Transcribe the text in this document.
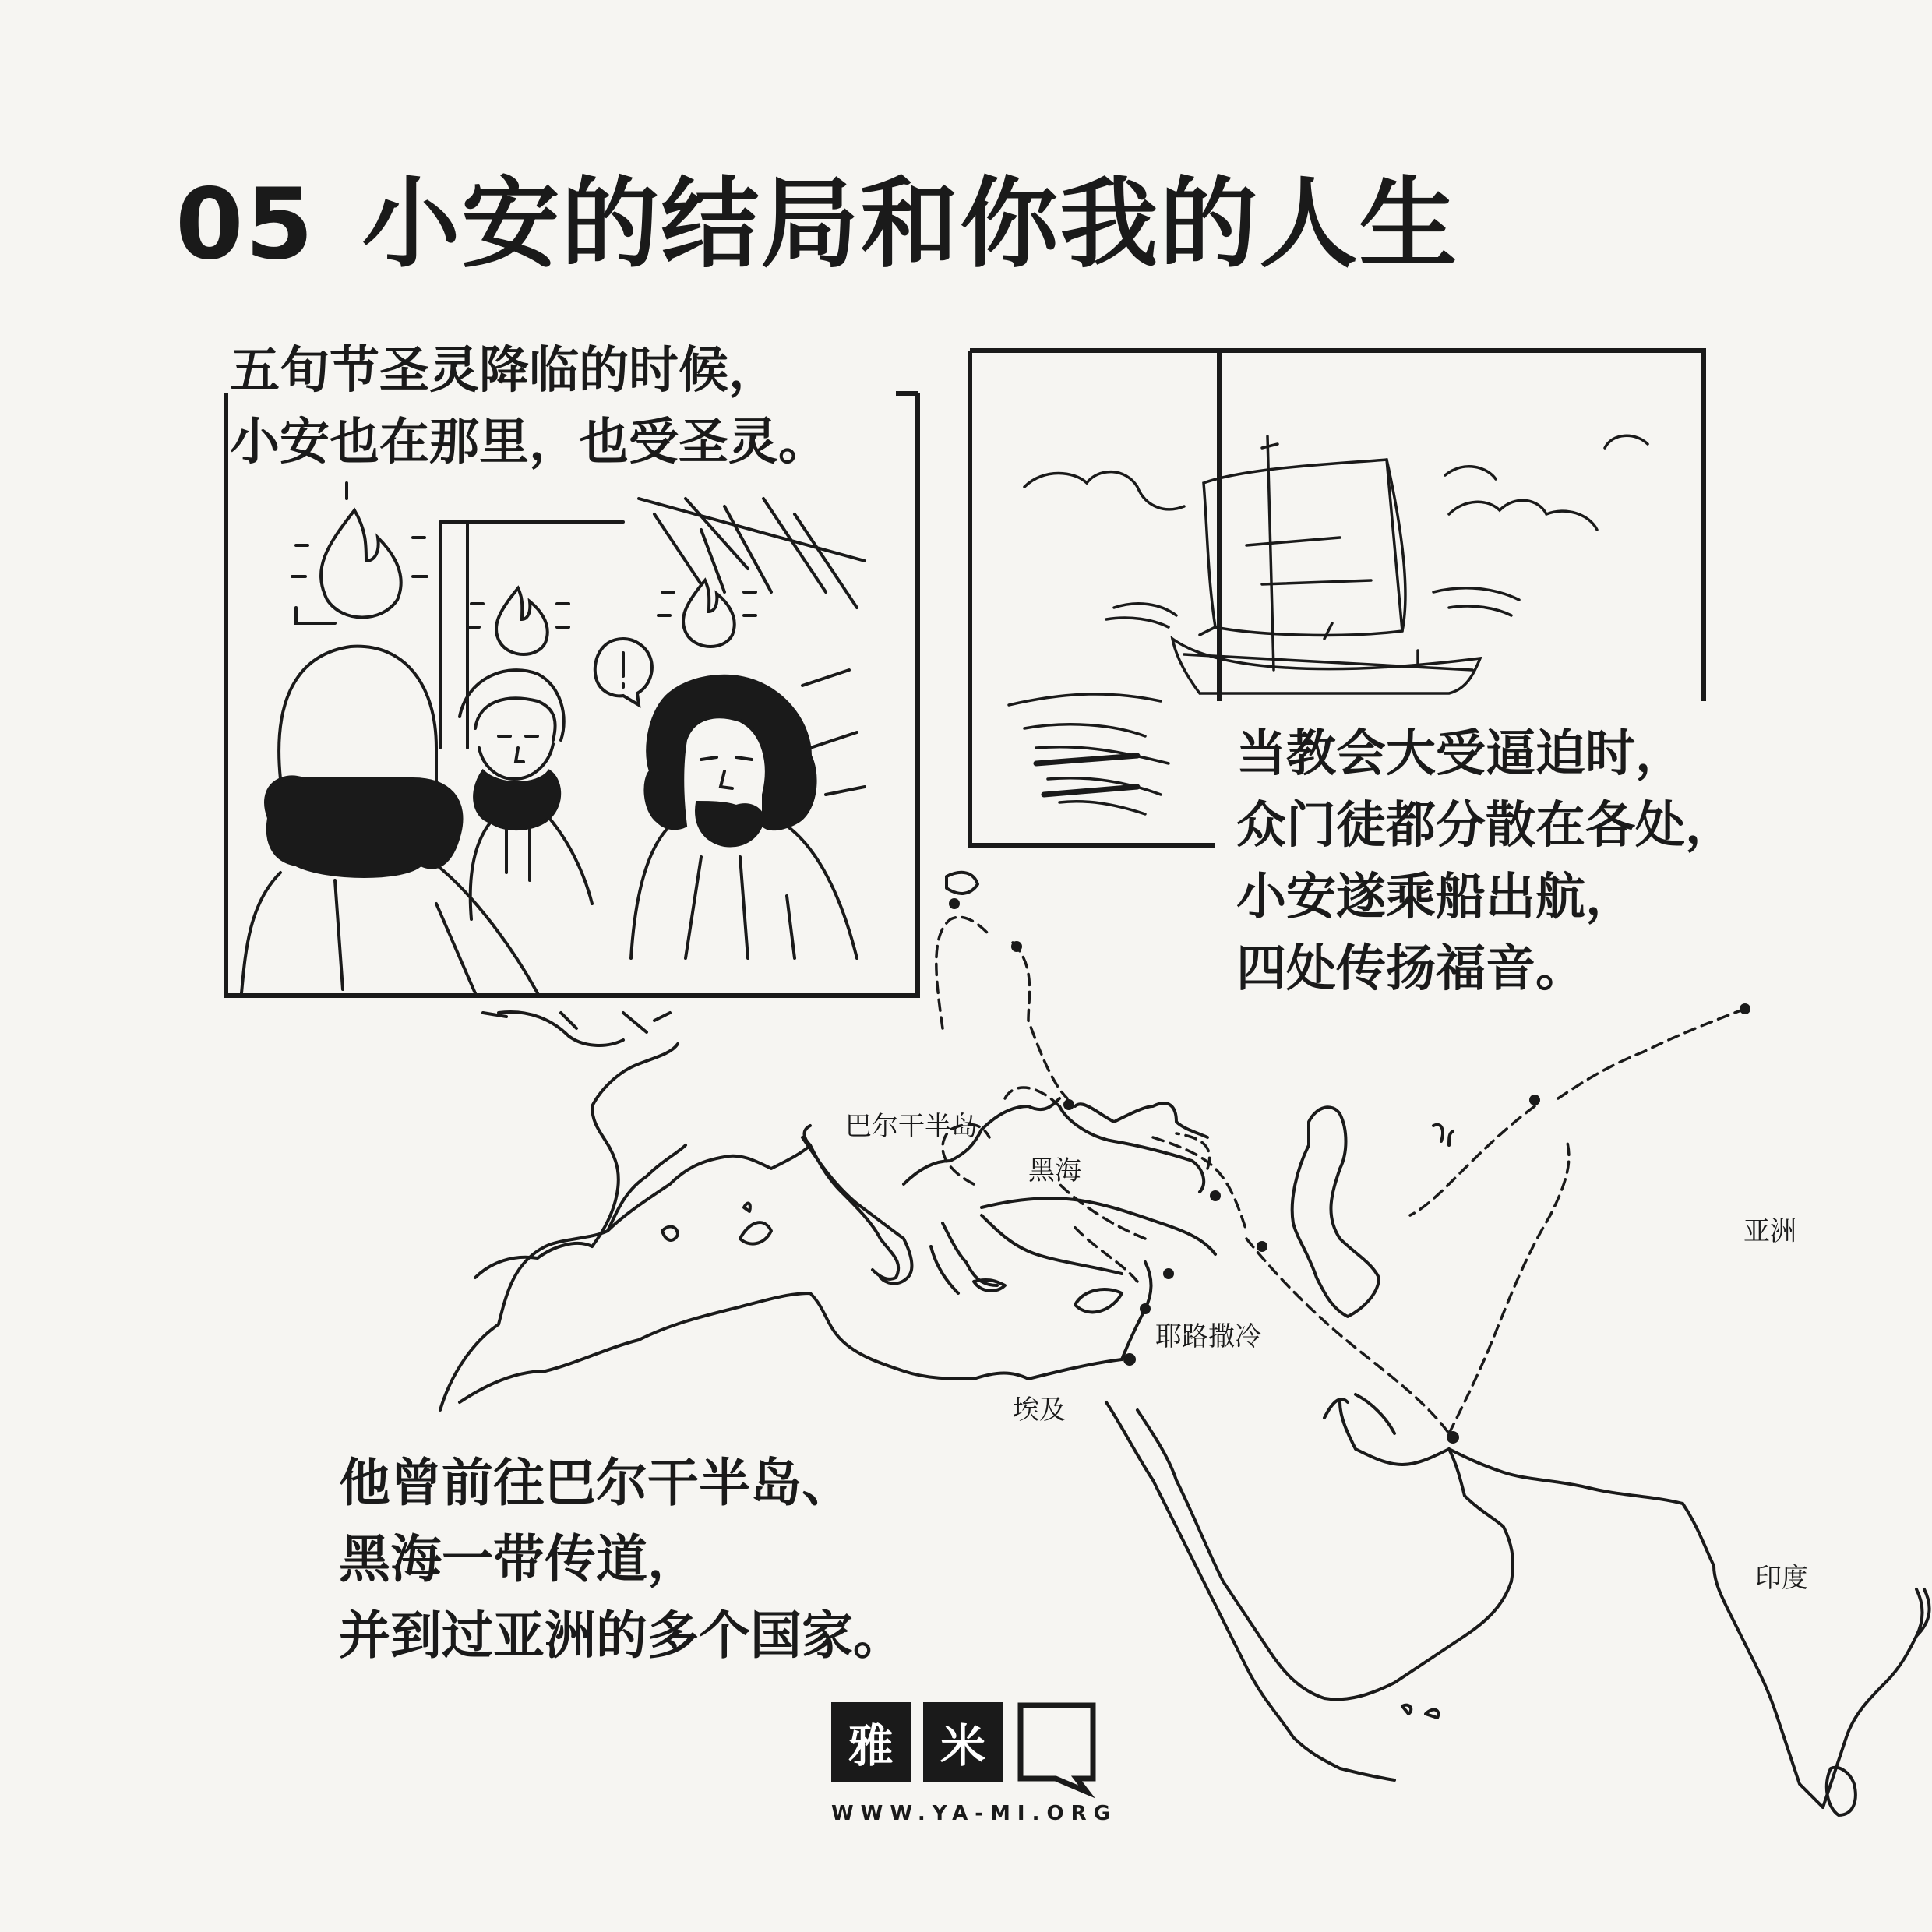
05 小安的结局和你我的人生
五旬节圣灵降临的时候，
小安也在那里，也受圣灵。
当教会大受逼迫时，
众门徒都分散在各处，
小安遂乘船出航，
四处传扬福音。
他曾前往巴尔干半岛、
黑海一带传道，
并到过亚洲的多个国家。
巴尔干半岛
黑海
耶路撒冷
埃及
亚洲
印度
雅	米
WWW.YA-MI.ORG
